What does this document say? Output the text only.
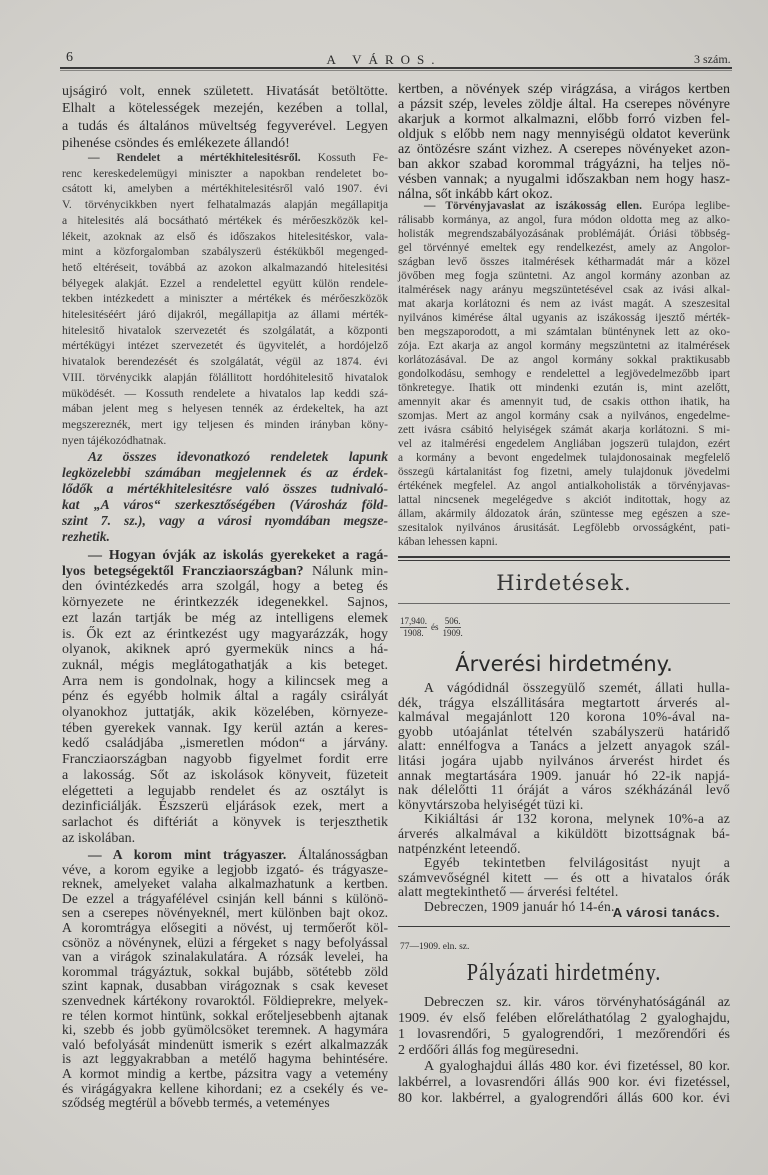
6	A VÁROS.	3 szám.
ujságiró volt, ennek született. Hivatását betöltötte.
Elhalt a kötelességek mezején, kezében a tollal,
a tudás és általános müveltség fegyverével. Legyen
pihenése csöndes és emlékezete állandó!
— Rendelet a mértékhitelesitésről. Kossuth Fe-
renc kereskedelemügyi miniszter a napokban rendeletet bo-
csátott ki, amelyben a mértékhitelesitésről való 1907. évi
V. törvénycikkben nyert felhatalmazás alapján megállapitja
a hitelesités alá bocsátható mértékek és mérőeszközök kel-
lékeit, azoknak az első és időszakos hitelesitéskor, vala-
mint a közforgalomban szabályszerü éstékükből megenged-
hető eltéréseit, továbbá az azokon alkalmazandó hitelesitési
bélyegek alakját. Ezzel a rendelettel együtt külön rendele-
tekben intézkedett a miniszter a mértékek és mérőeszközök
hitelesitéséért járó dijakról, megállapitja az állami mérték-
hitelesitő hivatalok szervezetét és szolgálatát, a központi
mértékügyi intézet szervezetét és ügyvitelét, a hordójelző
hivatalok berendezését és szolgálatát, végül az 1874. évi
VIII. törvénycikk alapján fölállitott hordóhitelesitő hivatalok
müködését. — Kossuth rendelete a hivatalos lap keddi szá-
mában jelent meg s helyesen tennék az érdekeltek, ha azt
megszereznék, mert igy teljesen és minden irányban köny-
nyen tájékozódhatnak.
Az összes idevonatkozó rendeletek lapunk
legközelebbi számában megjelennek és az érdek-
lődők a mértékhitelesitésre való összes tudnivaló-
kat „A város“ szerkesztőségében (Városház föld-
szint 7. sz.), vagy a városi nyomdában megsze-
rezhetik.
— Hogyan óvják az iskolás gyerekeket a ragá-
lyos betegségektől Francziaországban? Nálunk min-
den óvintézkedés arra szolgál, hogy a beteg és
környezete ne érintkezzék idegenekkel. Sajnos,
ezt lazán tartják be még az intelligens elemek
is. Ők ezt az érintkezést ugy magyarázzák, hogy
olyanok, akiknek apró gyermekük nincs a há-
zuknál, mégis meglátogathatják a kis beteget.
Arra nem is gondolnak, hogy a kilincsek meg a
pénz és egyébb holmik által a ragály csirályát
olyanokhoz juttatják, akik közelében, környeze-
tében gyerekek vannak. Igy kerül aztán a keres-
kedő családjába „ismeretlen módon“ a járvány.
Francziaországban nagyobb figyelmet fordit erre
a lakosság. Sőt az iskolások könyveit, füzeteit
elégetteti a legujabb rendelet és az osztályt is
dezinficiálják. Észszerü eljárások ezek, mert a
sarlachot és diftériát a könyvek is terjeszthetik
az iskolában.
— A korom mint trágyaszer. Általánosságban
véve, a korom egyike a legjobb izgató- és trágyasze-
reknek, amelyeket valaha alkalmazhatunk a kertben.
De ezzel a trágyafélével csinján kell bánni s különö-
sen a cserepes növényeknél, mert különben bajt okoz.
A koromtrágya elősegiti a növést, uj termőerőt köl-
csönöz a növénynek, elüzi a férgeket s nagy befolyással
van a virágok szinalakulatára. A rózsák levelei, ha
korommal trágyáztuk, sokkal bujább, sötétebb zöld
szint kapnak, dusabban virágoznak s csak keveset
szenvednek kártékony rovaroktól. Földieprekre, melyek-
re télen kormot hintünk, sokkal erőteljesebbenh ajtanak
ki, szebb és jobb gyümölcsöket teremnek. A hagymára
való befolyását mindenütt ismerik s ezért alkalmazzák
is azt leggyakrabban a metélő hagyma behintésére.
A kormot mindig a kertbe, pázsitra vagy a vetemény
és virágágyakra kellene kihordani; ez a csekély és ve-
sződség megtérül a bővebb termés, a veteményes
kertben, a növények szép virágzása, a virágos kertben
a pázsit szép, leveles zöldje által. Ha cserepes növényre
akarjuk a kormot alkalmazni, előbb forró vizben fel-
oldjuk s előbb nem nagy mennyiségü oldatot keverünk
az öntözésre szánt vizhez. A cserepes növényeket azon-
ban akkor szabad korommal trágyázni, ha teljes nö-
vésben vannak; a nyugalmi időszakban nem hogy hasz-
nálna, sőt inkább kárt okoz.
— Törvényjavaslat az iszákosság ellen. Európa leglibe-
rálisabb kormánya, az angol, fura módon oldotta meg az alko-
holisták megrendszabályozásának problémáját. Óriási többség-
gel törvénnyé emeltek egy rendelkezést, amely az Angolor-
szágban levő összes italmérések kétharmadát már a közel
jövőben meg fogja szüntetni. Az angol kormány azonban az
italmérések nagy arányu megszüntetésével csak az ivási alkal-
mat akarja korlátozni és nem az ivást magát. A szeszesital
nyilvános kimérése által ugyanis az iszákosság ijesztő mérték-
ben megszaporodott, a mi számtalan bünténynek lett az oko-
zója. Ezt akarja az angol kormány megszüntetni az italmérések
korlátozásával. De az angol kormány sokkal praktikusabb
gondolkodásu, semhogy e rendelettel a legjövedelmezőbb ipart
tönkretegye. Ihatik ott mindenki ezután is, mint azelőtt,
amennyit akar és amennyit tud, de csakis otthon ihatik, ha
szomjas. Mert az angol kormány csak a nyilvános, engedelme-
zett ivásra csábitó helyiségek számát akarja korlátozni. S mi-
vel az italmérési engedelem Angliában jogszerü tulajdon, ezért
a kormány a bevont engedelmek tulajdonosainak megfelelő
összegü kártalanitást fog fizetni, amely tulajdonuk jövedelmi
értékének megfelel. Az angol antialkoholisták a törvényjavas-
lattal nincsenek megelégedve s akciót inditottak, hogy az
állam, akármily áldozatok árán, szüntesse meg egészen a sze-
szesitalok nyilvános árusitását. Legfölebb orvosságként, pati-
kában lehessen kapni.
Hirdetések.
$\frac{17,940.}{1908.}$ és $\frac{506.}{1909.}$
Árverési hirdetmény.
A vágódidnál összegyülő szemét, állati hulla-
dék, trágya elszállitására megtartott árverés al-
kalmával megajánlott 120 korona 10%-ával na-
gyobb utóajánlat tételvén szabályszerü határidő
alatt: ennélfogva a Tanács a jelzett anyagok szál-
litási jogára ujabb nyilvános árverést hirdet és
annak megtartására 1909. január hó 22-ik napjá-
nak délelőtti 11 óráját a város székházánál levő
könyvtárszoba helyiségét tüzi ki.
Kikiáltási ár 132 korona, melynek 10%-a az
árverés alkalmával a kiküldött bizottságnak bá-
natpénzként leteendő.
Egyéb tekintetben felvilágositást nyujt a
számvevőségnél kitett — és ott a hivatalos órák
alatt megtekinthető — árverési feltétel.
Debreczen, 1909 január hó 14-én.
A városi tanács.
77—1909. eln. sz.
Pályázati hirdetmény.
Debreczen sz. kir. város törvényhatóságánál az
1909. év első felében előreláthatólag 2 gyaloghajdu,
1 lovasrendőri, 5 gyalogrendőri, 1 mezőrendőri és
2 erdőőri állás fog megüresedni.
A gyaloghajdui állás 480 kor. évi fizetéssel, 80 kor.
lakbérrel, a lovasrendőri állás 900 kor. évi fizetéssel,
80 kor. lakbérrel, a gyalogrendőri állás 600 kor. évi
